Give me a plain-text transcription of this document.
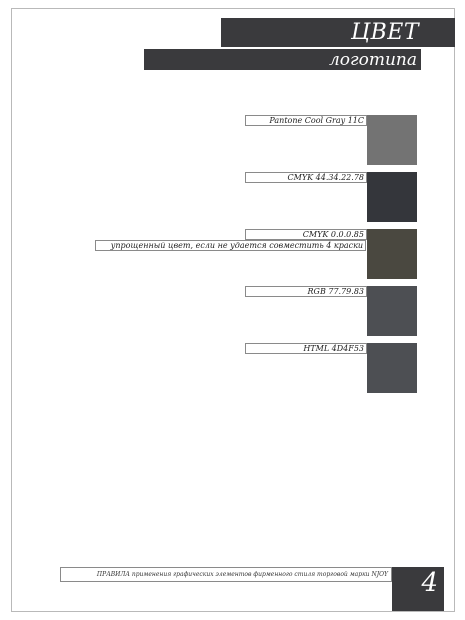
ЦВЕТ
логотипа
Pantone Cool Gray 11C
CMYK 44.34.22.78
CMYK 0.0.0.85
упрощенный цвет, если не удается совместить 4 краски
RGB 77.79.83
HTML 4D4F53
ПРАВИЛА применения графических элементов фирменного стиля торговой марки NJOY 4
